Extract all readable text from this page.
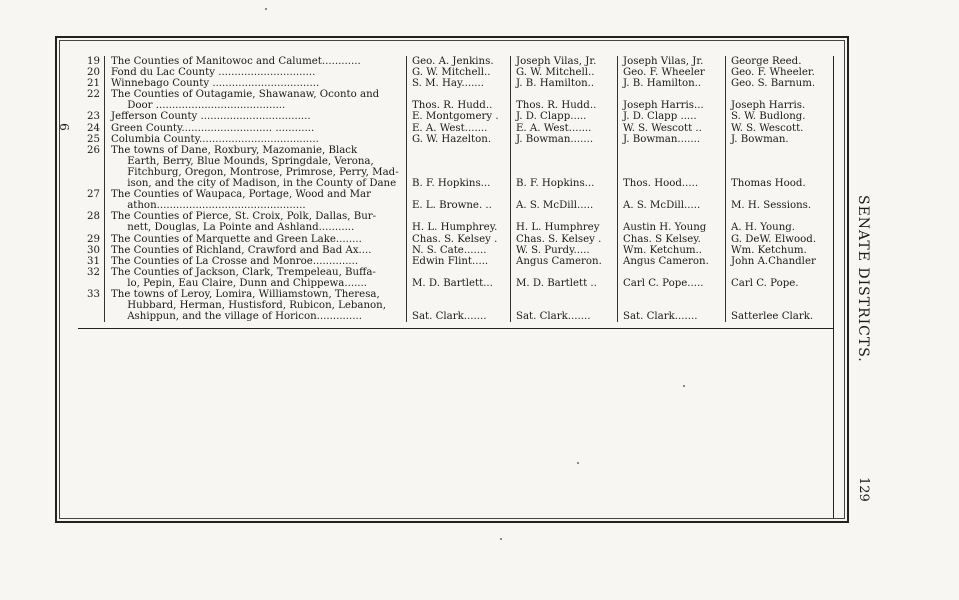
6
19	The Counties of Manitowoc and Calumet............	Geo. A. Jenkins.	Joseph Vilas, Jr.	Joseph Vilas, Jr.	George Reed.
20	Fond du Lac County ..............................	G. W. Mitchell..	G. W. Mitchell..	Geo. F. Wheeler	Geo. F. Wheeler.
21	Winnebago County .................................	S. M. Hay.......	J. B. Hamilton..	J. B. Hamilton..	Geo. S. Barnum.
22	The Counties of Outagamie, Shawanaw, Oconto and
Door ........................................	Thos. R. Hudd..	Thos. R. Hudd..	Joseph Harris...	Joseph Harris.
23	Jefferson County ..................................	E. Montgomery .	J. D. Clapp.....	J. D. Clapp .....	S. W. Budlong.
24	Green County............................ ............	E. A. West.......	E. A. West.......	W. S. Wescott ..	W. S. Wescott.
25	Columbia County.....................................	G. W. Hazelton.	J. Bowman.......	J. Bowman.......	J. Bowman.
26	The towns of Dane, Roxbury, Mazomanie, Black
Earth, Berry, Blue Mounds, Springdale, Verona,
Fitchburg, Oregon, Montrose, Primrose, Perry, Mad-
ison, and the city of Madison, in the County of Dane	B. F. Hopkins...	B. F. Hopkins...	Thos. Hood.....	Thomas Hood.
27	The Counties of Waupaca, Portage, Wood and Mar
athon..............................................	E. L. Browne. ..	A. S. McDill.....	A. S. McDill.....	M. H. Sessions.
28	The Counties of Pierce, St. Croix, Polk, Dallas, Bur-
nett, Douglas, La Pointe and Ashland...........	H. L. Humphrey.	H. L. Humphrey	Austin H. Young	A. H. Young.
29	The Counties of Marquette and Green Lake........	Chas. S. Kelsey .	Chas. S. Kelsey .	Chas. S Kelsey.	G. DeW. Elwood.
30	The Counties of Richland, Crawford and Bad Ax....	N. S. Cate.......	W. S. Purdy.....	Wm. Ketchum..	Wm. Ketchum.
31	The Counties of La Crosse and Monroe..............	Edwin Flint.....	Angus Cameron.	Angus Cameron.	John A.Chandler
32	The Counties of Jackson, Clark, Trempeleau, Buffa-
lo, Pepin, Eau Claire, Dunn and Chippewa.......	M. D. Bartlett...	M. D. Bartlett ..	Carl C. Pope.....	Carl C. Pope.
33	The towns of Leroy, Lomira, Williamstown, Theresa,
Hubbard, Herman, Hustisford, Rubicon, Lebanon,
Ashippun, and the village of Horicon..............	Sat. Clark.......	Sat. Clark.......	Sat. Clark.......	Satterlee Clark.	SENATE DISTRICTS.
129
